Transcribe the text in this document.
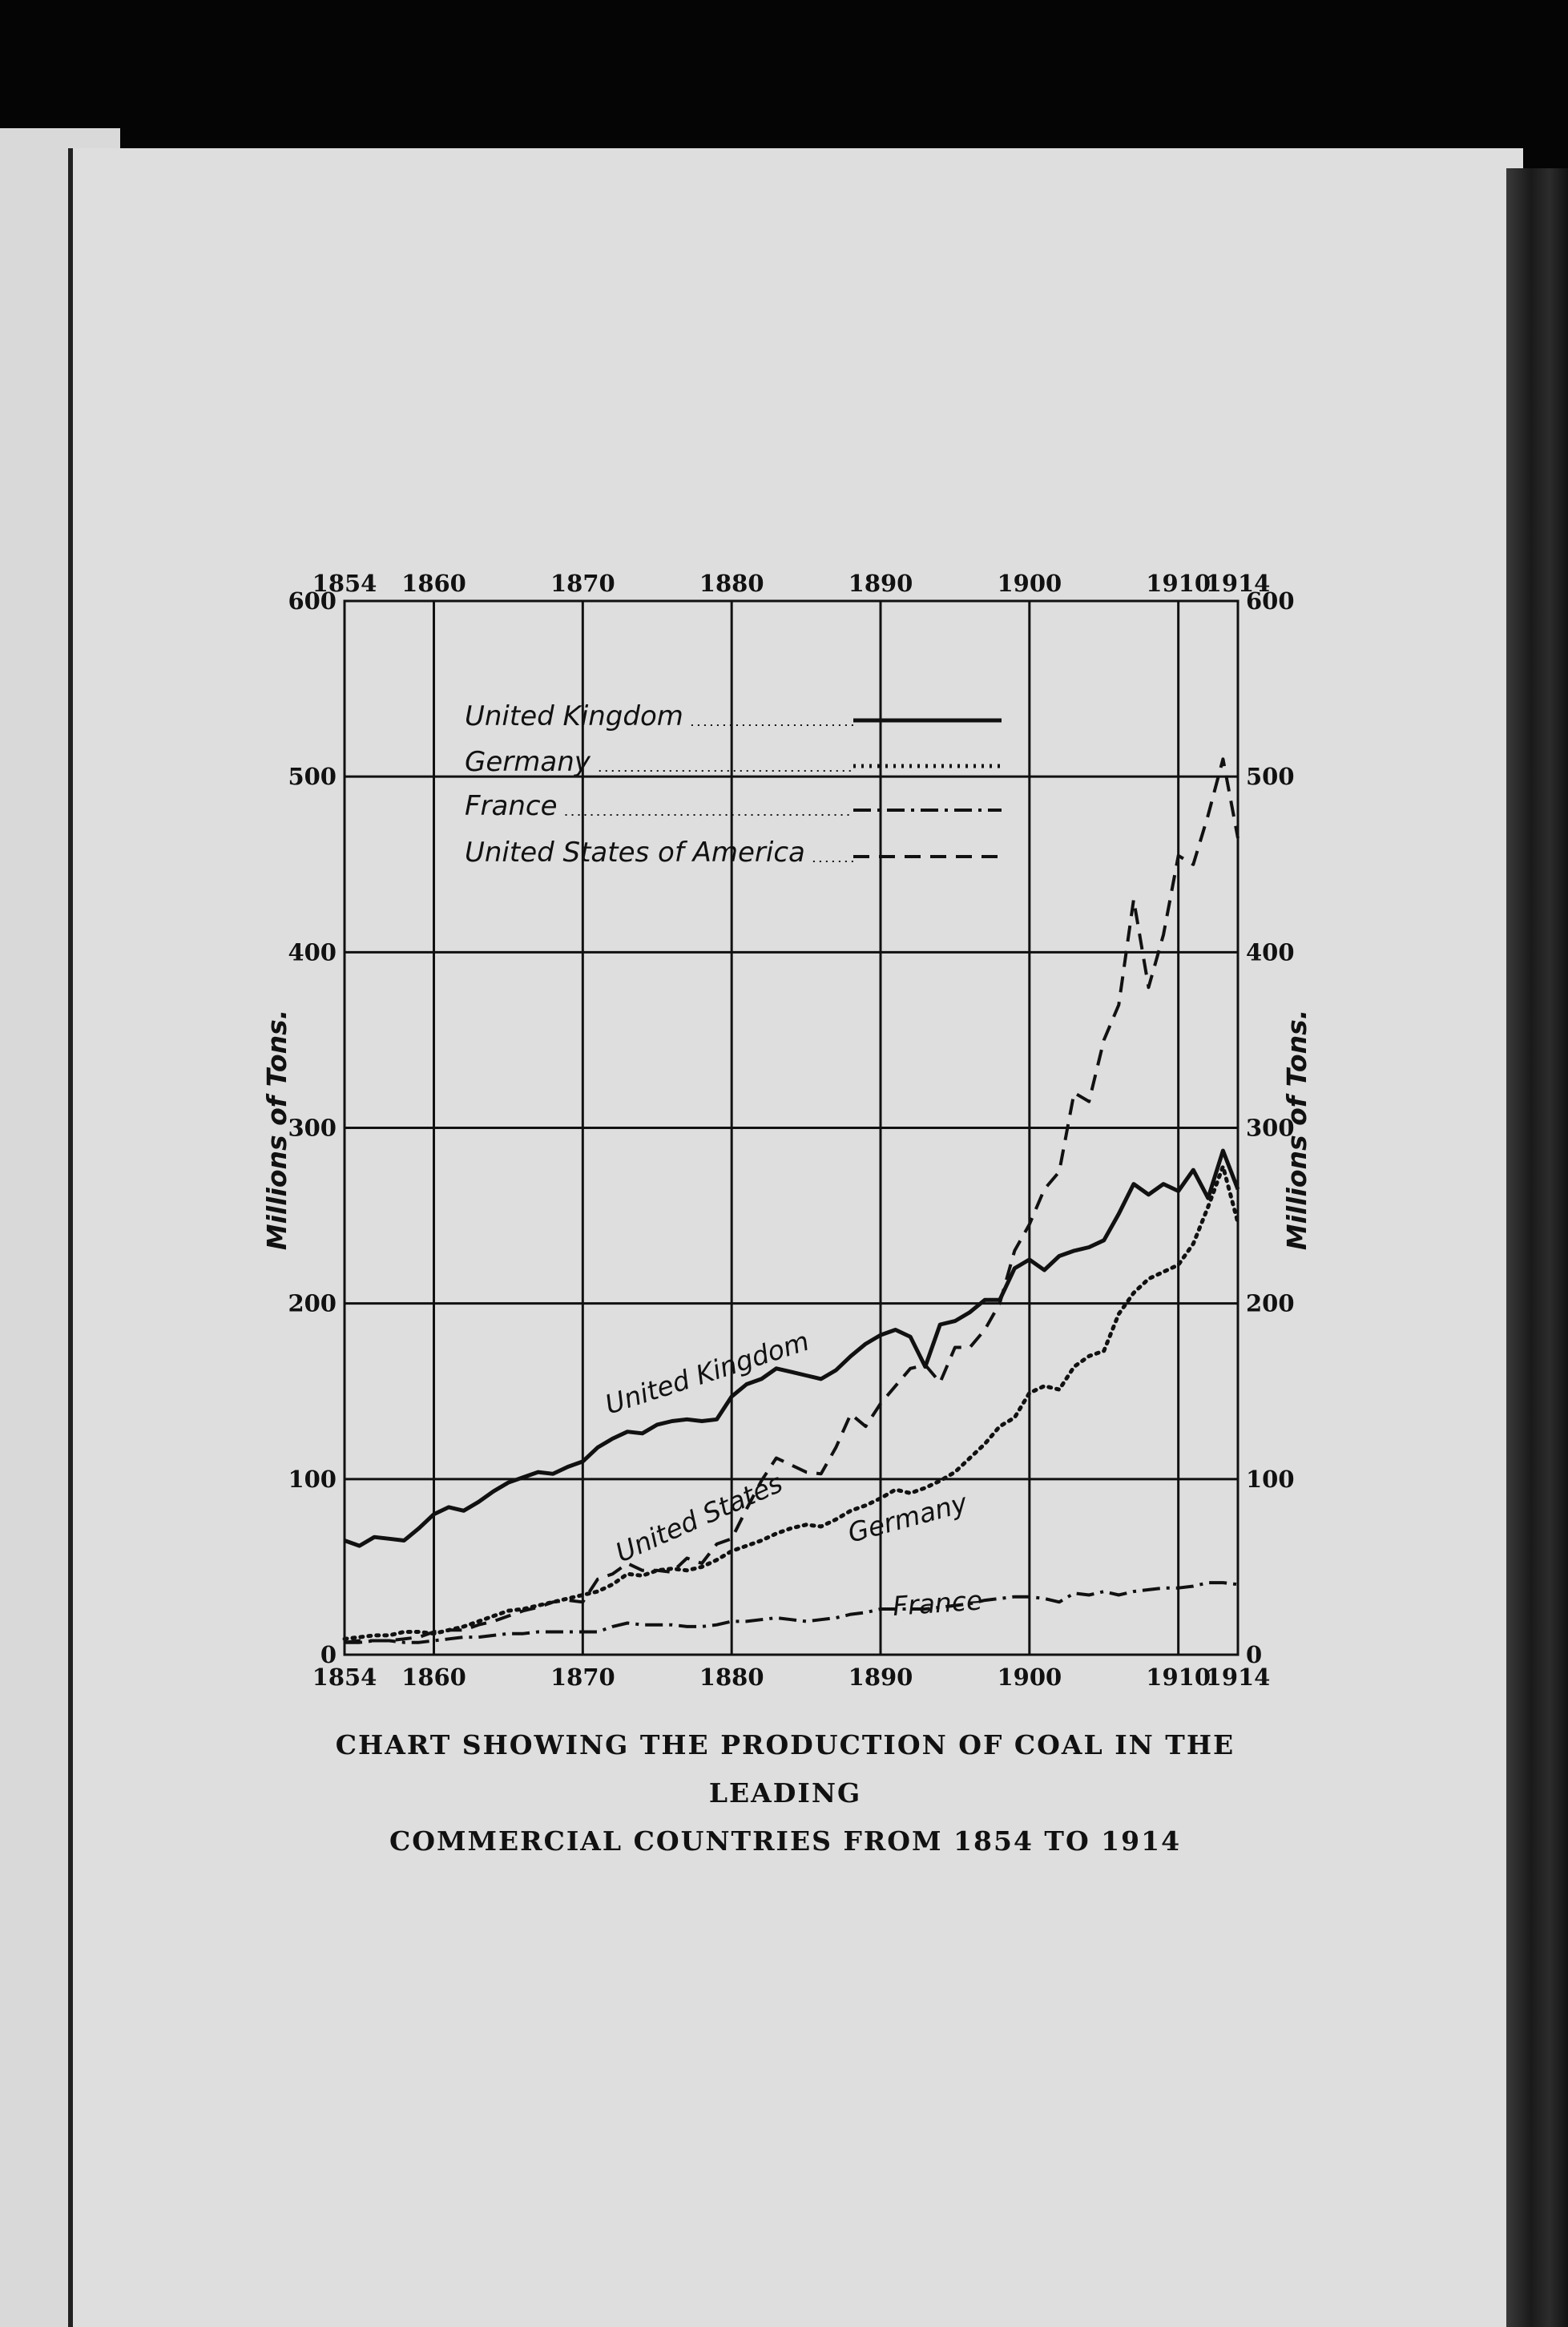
1854
1854
1860
1860
1870
1870
1880
1880
1890
1890
1900
1900
1910
1910
1914
1914
0
100
200
300
400
500
600
0
100
200
300
400
500
600
Millions of Tons.	Millions of Tons.
United Kingdom
Germany
France
United States of America
United Kingdom
United States Germany
France
CHART SHOWING THE PRODUCTION OF COAL IN THE LEADING
COMMERCIAL COUNTRIES FROM 1854 TO 1914
